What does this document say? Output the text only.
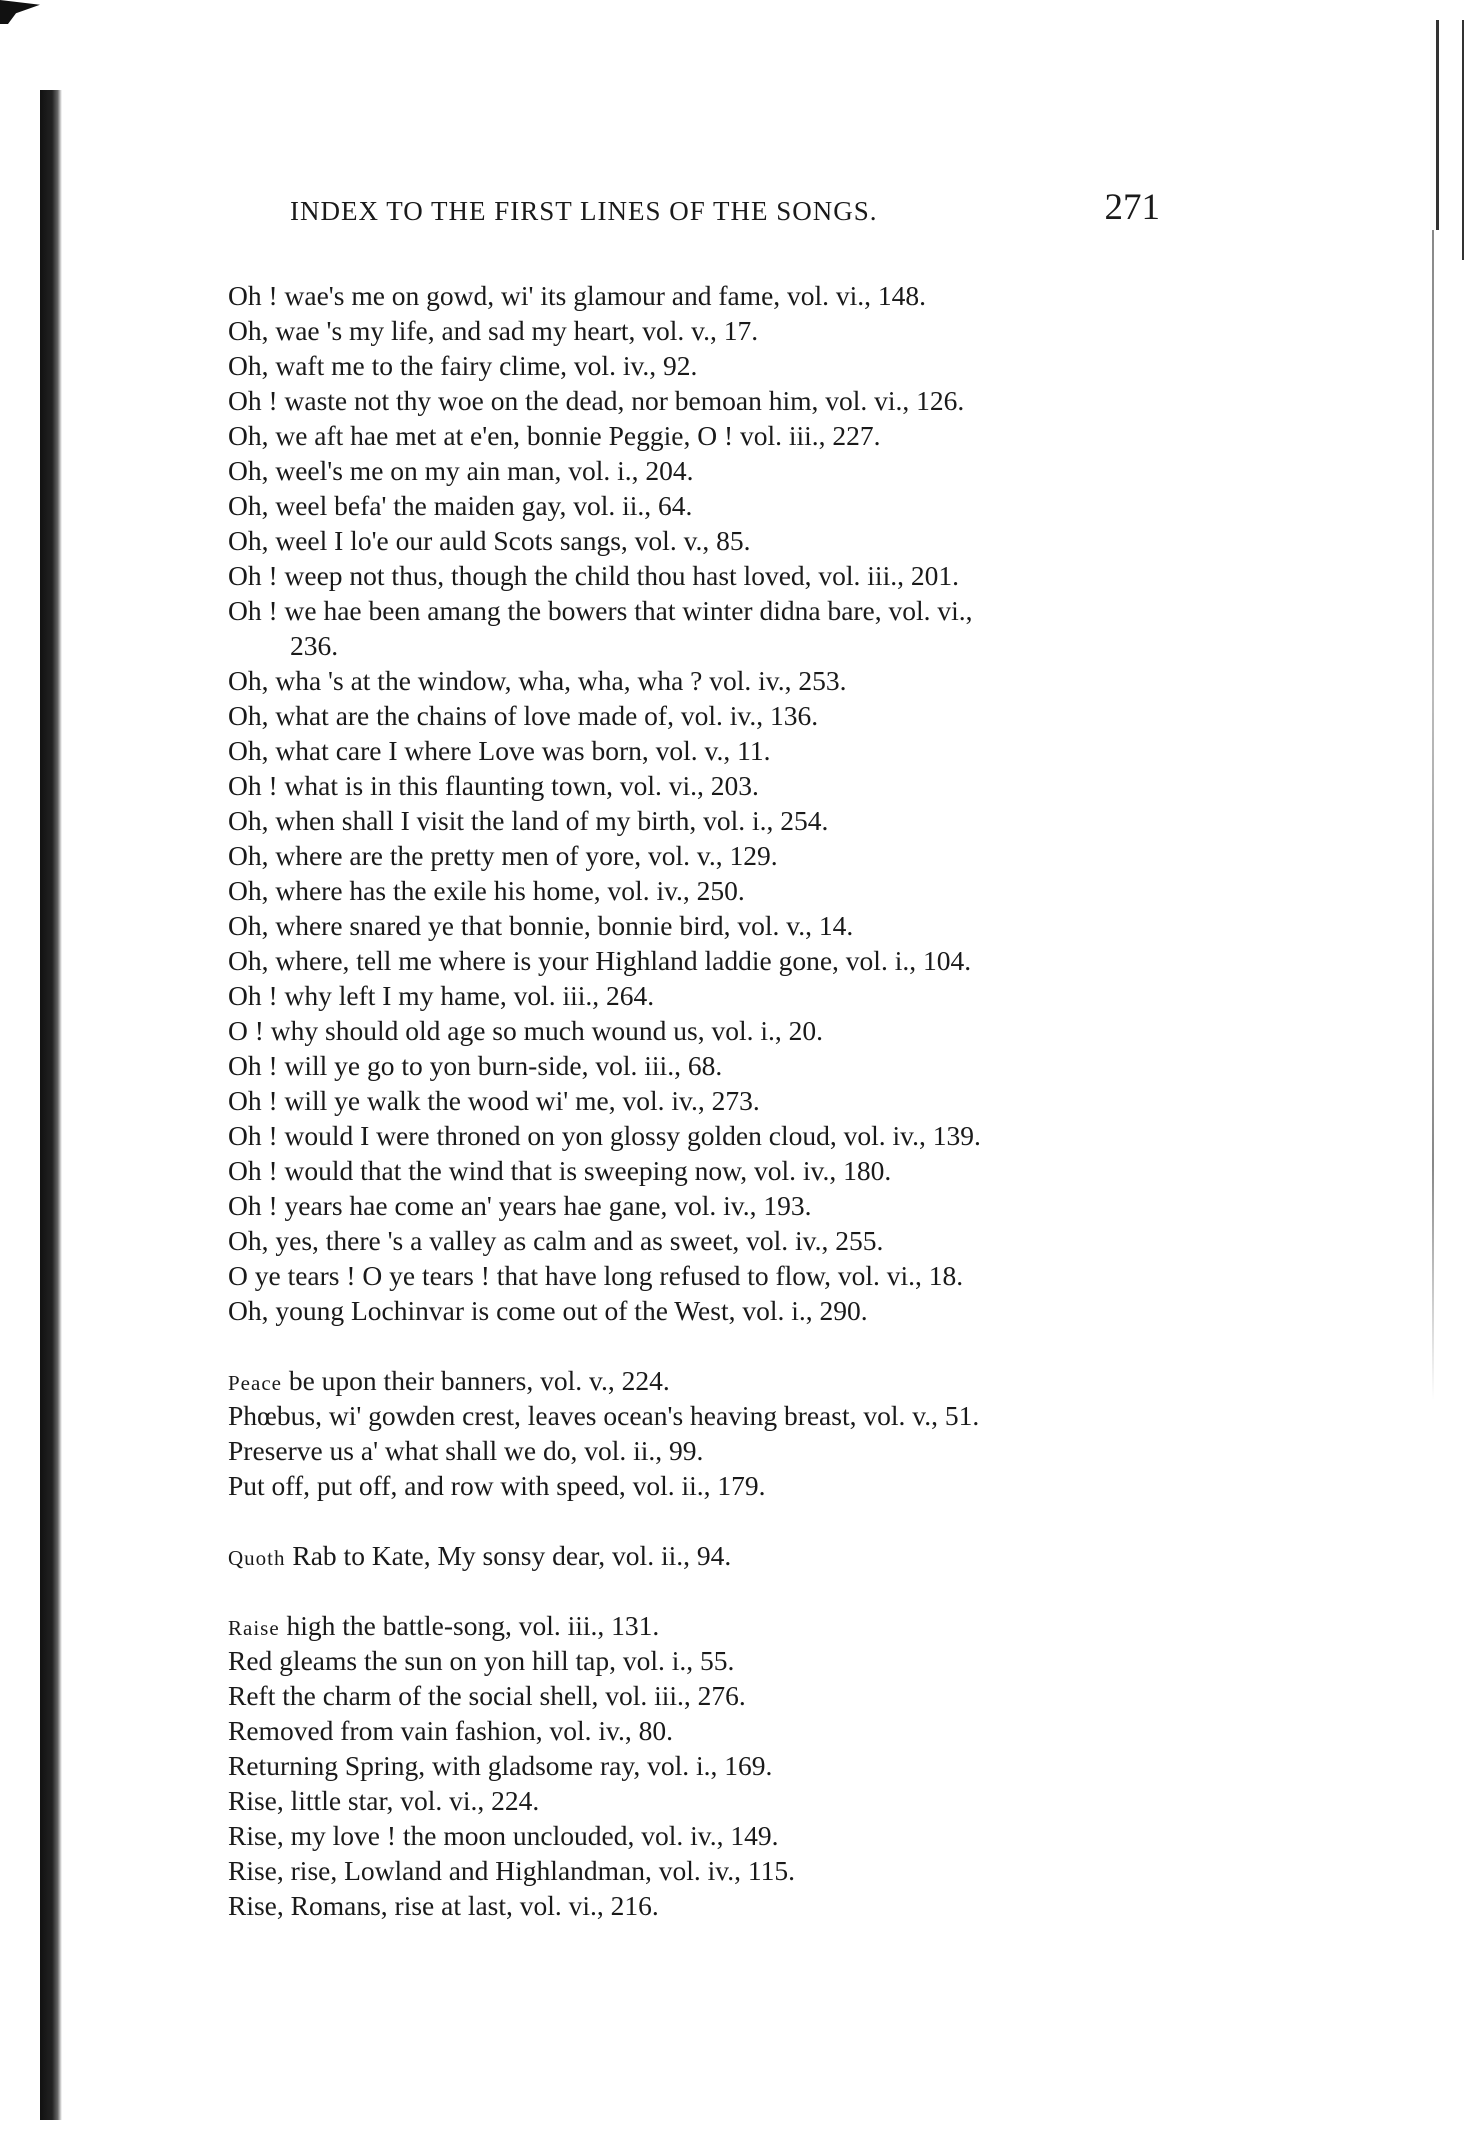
INDEX TO THE FIRST LINES OF THE SONGS.	271
Oh ! wae's me on gowd, wi' its glamour and fame, vol. vi., 148.
Oh, wae 's my life, and sad my heart, vol. v., 17.
Oh, waft me to the fairy clime, vol. iv., 92.
Oh ! waste not thy woe on the dead, nor bemoan him, vol. vi., 126.
Oh, we aft hae met at e'en, bonnie Peggie, O ! vol. iii., 227.
Oh, weel's me on my ain man, vol. i., 204.
Oh, weel befa' the maiden gay, vol. ii., 64.
Oh, weel I lo'e our auld Scots sangs, vol. v., 85.
Oh ! weep not thus, though the child thou hast loved, vol. iii., 201.
Oh ! we hae been amang the bowers that winter didna bare, vol. vi.,
236.
Oh, wha 's at the window, wha, wha, wha ? vol. iv., 253.
Oh, what are the chains of love made of, vol. iv., 136.
Oh, what care I where Love was born, vol. v., 11.
Oh ! what is in this flaunting town, vol. vi., 203.
Oh, when shall I visit the land of my birth, vol. i., 254.
Oh, where are the pretty men of yore, vol. v., 129.
Oh, where has the exile his home, vol. iv., 250.
Oh, where snared ye that bonnie, bonnie bird, vol. v., 14.
Oh, where, tell me where is your Highland laddie gone, vol. i., 104.
Oh ! why left I my hame, vol. iii., 264.
O ! why should old age so much wound us, vol. i., 20.
Oh ! will ye go to yon burn-side, vol. iii., 68.
Oh ! will ye walk the wood wi' me, vol. iv., 273.
Oh ! would I were throned on yon glossy golden cloud, vol. iv., 139.
Oh ! would that the wind that is sweeping now, vol. iv., 180.
Oh ! years hae come an' years hae gane, vol. iv., 193.
Oh, yes, there 's a valley as calm and as sweet, vol. iv., 255.
O ye tears ! O ye tears ! that have long refused to flow, vol. vi., 18.
Oh, young Lochinvar is come out of the West, vol. i., 290.
Peace be upon their banners, vol. v., 224.
Phœbus, wi' gowden crest, leaves ocean's heaving breast, vol. v., 51.
Preserve us a' what shall we do, vol. ii., 99.
Put off, put off, and row with speed, vol. ii., 179.
Quoth Rab to Kate, My sonsy dear, vol. ii., 94.
Raise high the battle-song, vol. iii., 131.
Red gleams the sun on yon hill tap, vol. i., 55.
Reft the charm of the social shell, vol. iii., 276.
Removed from vain fashion, vol. iv., 80.
Returning Spring, with gladsome ray, vol. i., 169.
Rise, little star, vol. vi., 224.
Rise, my love ! the moon unclouded, vol. iv., 149.
Rise, rise, Lowland and Highlandman, vol. iv., 115.
Rise, Romans, rise at last, vol. vi., 216.
